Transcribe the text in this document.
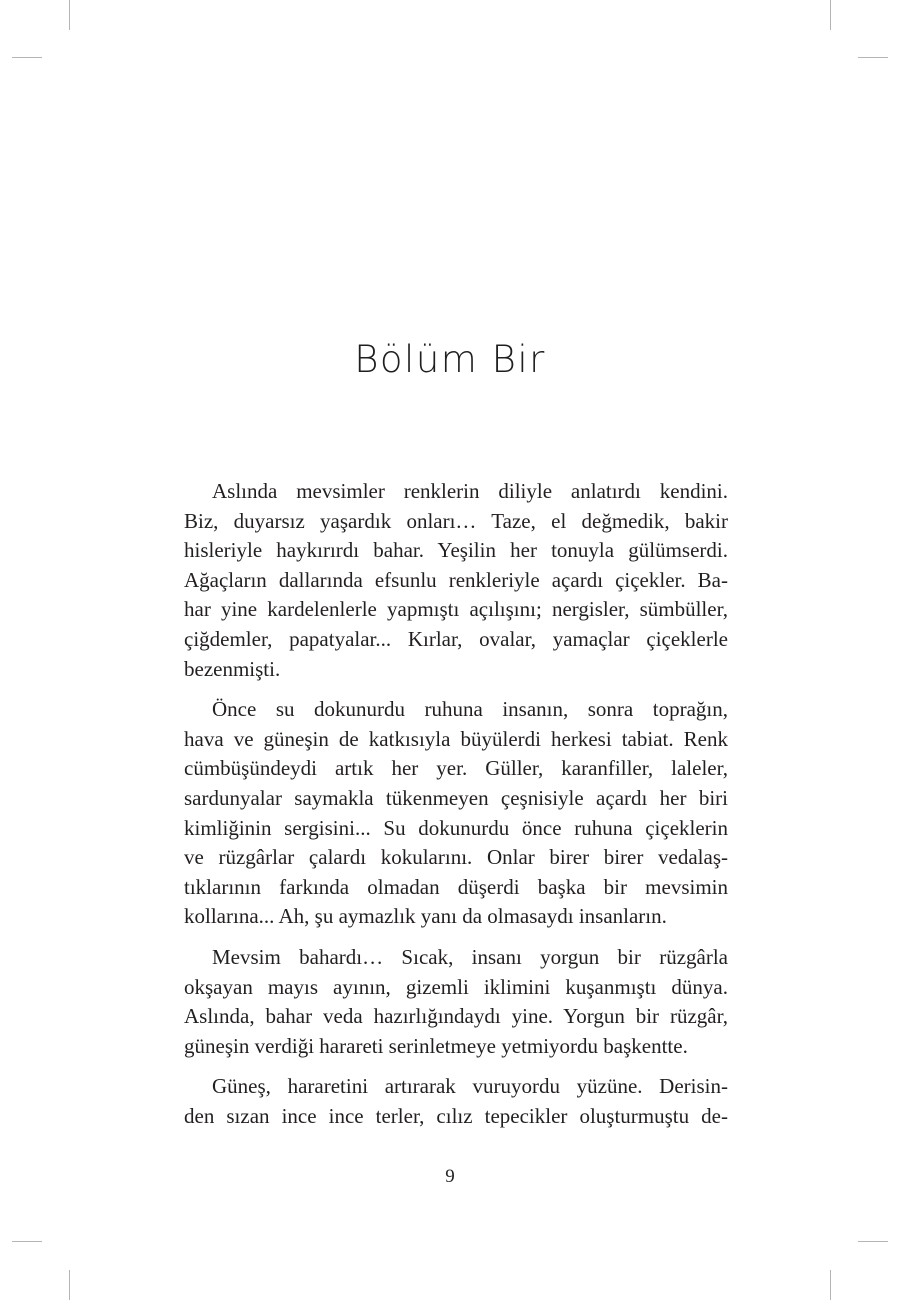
Bölüm Bir

Aslında mevsimler renklerin diliyle anlatırdı kendini.
Biz, duyarsız yaşardık onları… Taze, el değmedik, bakir
hisleriyle haykırırdı bahar. Yeşilin her tonuyla gülümserdi.
Ağaçların dallarında efsunlu renkleriyle açardı çiçekler. Ba-
har yine kardelenlerle yapmıştı açılışını; nergisler, sümbüller,
çiğdemler, papatyalar... Kırlar, ovalar, yamaçlar çiçeklerle
bezenmişti.

Önce su dokunurdu ruhuna insanın, sonra toprağın,
hava ve güneşin de katkısıyla büyülerdi herkesi tabiat. Renk
cümbüşündeydi artık her yer. Güller, karanfiller, laleler,
sardunyalar saymakla tükenmeyen çeşnisiyle açardı her biri
kimliğinin sergisini... Su dokunurdu önce ruhuna çiçeklerin
ve rüzgârlar çalardı kokularını. Onlar birer birer vedalaş-
tıklarının farkında olmadan düşerdi başka bir mevsimin
kollarına... Ah, şu aymazlık yanı da olmasaydı insanların.

Mevsim bahardı… Sıcak, insanı yorgun bir rüzgârla
okşayan mayıs ayının, gizemli iklimini kuşanmıştı dünya.
Aslında, bahar veda hazırlığındaydı yine. Yorgun bir rüzgâr,
güneşin verdiği harareti serinletmeye yetmiyordu başkentte.

Güneş, hararetini artırarak vuruyordu yüzüne. Derisin-
den sızan ince ince terler, cılız tepecikler oluşturmuştu de-

9
